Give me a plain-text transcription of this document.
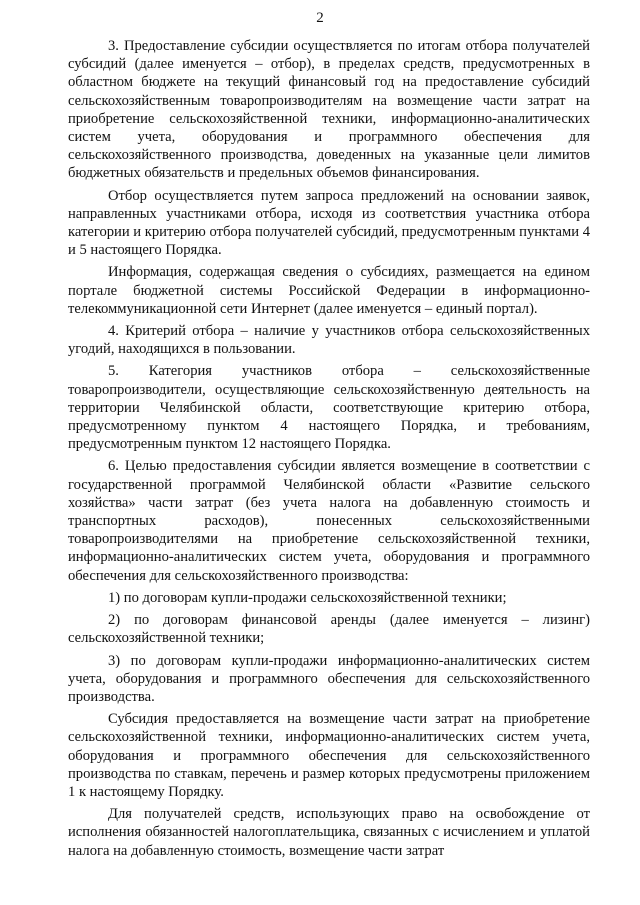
2

3. Предоставление субсидии осуществляется по итогам отбора получателей субсидий (далее именуется – отбор), в пределах средств, предусмотренных в областном бюджете на текущий финансовый год на предоставление субсидий сельскохозяйственным товаропроизводителям на возмещение части затрат на приобретение сельскохозяйственной техники, информационно-аналитических систем учета, оборудования и программного обеспечения для сельскохозяйственного производства, доведенных на указанные цели лимитов бюджетных обязательств и предельных объемов финансирования.

Отбор осуществляется путем запроса предложений на основании заявок, направленных участниками отбора, исходя из соответствия участника отбора категории и критерию отбора получателей субсидий, предусмотренным пунктами 4 и 5 настоящего Порядка.

Информация, содержащая сведения о субсидиях, размещается на едином портале бюджетной системы Российской Федерации в информационно-телекоммуникационной сети Интернет (далее именуется – единый портал).

4. Критерий отбора – наличие у участников отбора сельскохозяйственных угодий, находящихся в пользовании.

5. Категория участников отбора – сельскохозяйственные товаропроизводители, осуществляющие сельскохозяйственную деятельность на территории Челябинской области, соответствующие критерию отбора, предусмотренному пунктом 4 настоящего Порядка, и требованиям, предусмотренным пунктом 12 настоящего Порядка.

6. Целью предоставления субсидии является возмещение в соответствии с государственной программой Челябинской области «Развитие сельского хозяйства» части затрат (без учета налога на добавленную стоимость и транспортных расходов), понесенных сельскохозяйственными товаропроизводителями на приобретение сельскохозяйственной техники, информационно-аналитических систем учета, оборудования и программного обеспечения для сельскохозяйственного производства:

1) по договорам купли-продажи сельскохозяйственной техники;

2) по договорам финансовой аренды (далее именуется – лизинг) сельскохозяйственной техники;

3) по договорам купли-продажи информационно-аналитических систем учета, оборудования и программного обеспечения для сельскохозяйственного производства.

Субсидия предоставляется на возмещение части затрат на приобретение сельскохозяйственной техники, информационно-аналитических систем учета, оборудования и программного обеспечения для сельскохозяйственного производства по ставкам, перечень и размер которых предусмотрены приложением 1 к настоящему Порядку.

Для получателей средств, использующих право на освобождение от исполнения обязанностей налогоплательщика, связанных с исчислением и уплатой налога на добавленную стоимость, возмещение части затрат
